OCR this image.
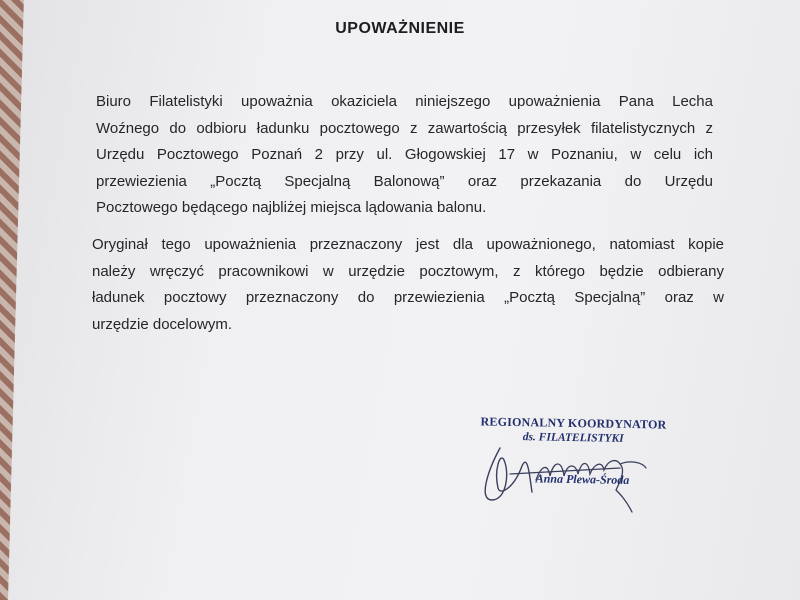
UPOWAŻNIENIE
Biuro Filatelistyki upoważnia okaziciela niniejszego upoważnienia Pana Lecha
Woźnego do odbioru ładunku pocztowego z zawartością przesyłek filatelistycznych z
Urzędu Pocztowego Poznań 2 przy ul. Głogowskiej 17 w Poznaniu, w celu ich
przewiezienia „Pocztą Specjalną Balonową” oraz przekazania do Urzędu
Pocztowego będącego najbliżej miejsca lądowania balonu.
Oryginał tego upoważnienia przeznaczony jest dla upoważnionego, natomiast kopie
należy wręczyć pracownikowi w urzędzie pocztowym, z którego będzie odbierany
ładunek pocztowy przeznaczony do przewiezienia „Pocztą Specjalną” oraz w
urzędzie docelowym.
REGIONALNY KOORDYNATOR
ds. FILATELISTYKI
Anna Plewa-Środa
